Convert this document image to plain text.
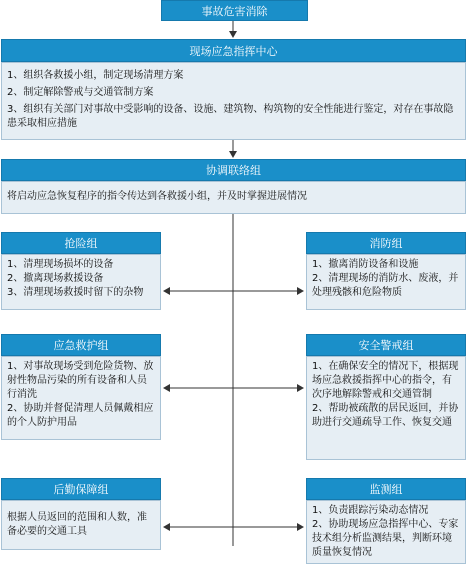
事故危害消除
现场应急指挥中心
1、组织各救援小组，制定现场清理方案
2、制定解除警戒与交通管制方案
3、组织有关部门对事故中受影响的设备、设施、建筑物、构筑物的安全性能进行鉴定，对存在事故隐患采取相应措施
协调联络组
将启动应急恢复程序的指令传达到各救援小组，并及时掌握进展情况
抢险组
1、清理现场损坏的设备
2、撤离现场救援设备
3、清理现场救援时留下的杂物
消防组
1、撤离消防设备和设施
2、清理现场的消防水、废液，并处理残骸和危险物质
应急救护组
1、对事故现场受到危险货物、放射性物品污染的所有设备和人员行消洗
2、协助并督促清理人员佩戴相应的个人防护用品
安全警戒组
1、在确保安全的情况下，根据现场应急救援指挥中心的指令，有次序地解除警戒和交通管制
2、帮助被疏散的居民返回，并协助进行交通疏导工作、恢复交通
后勤保障组
根据人员返回的范围和人数，准备必要的交通工具
监测组
1、负责跟踪污染动态情况
2、协助现场应急指挥中心、专家技术组分析监测结果，判断环境质量恢复情况
